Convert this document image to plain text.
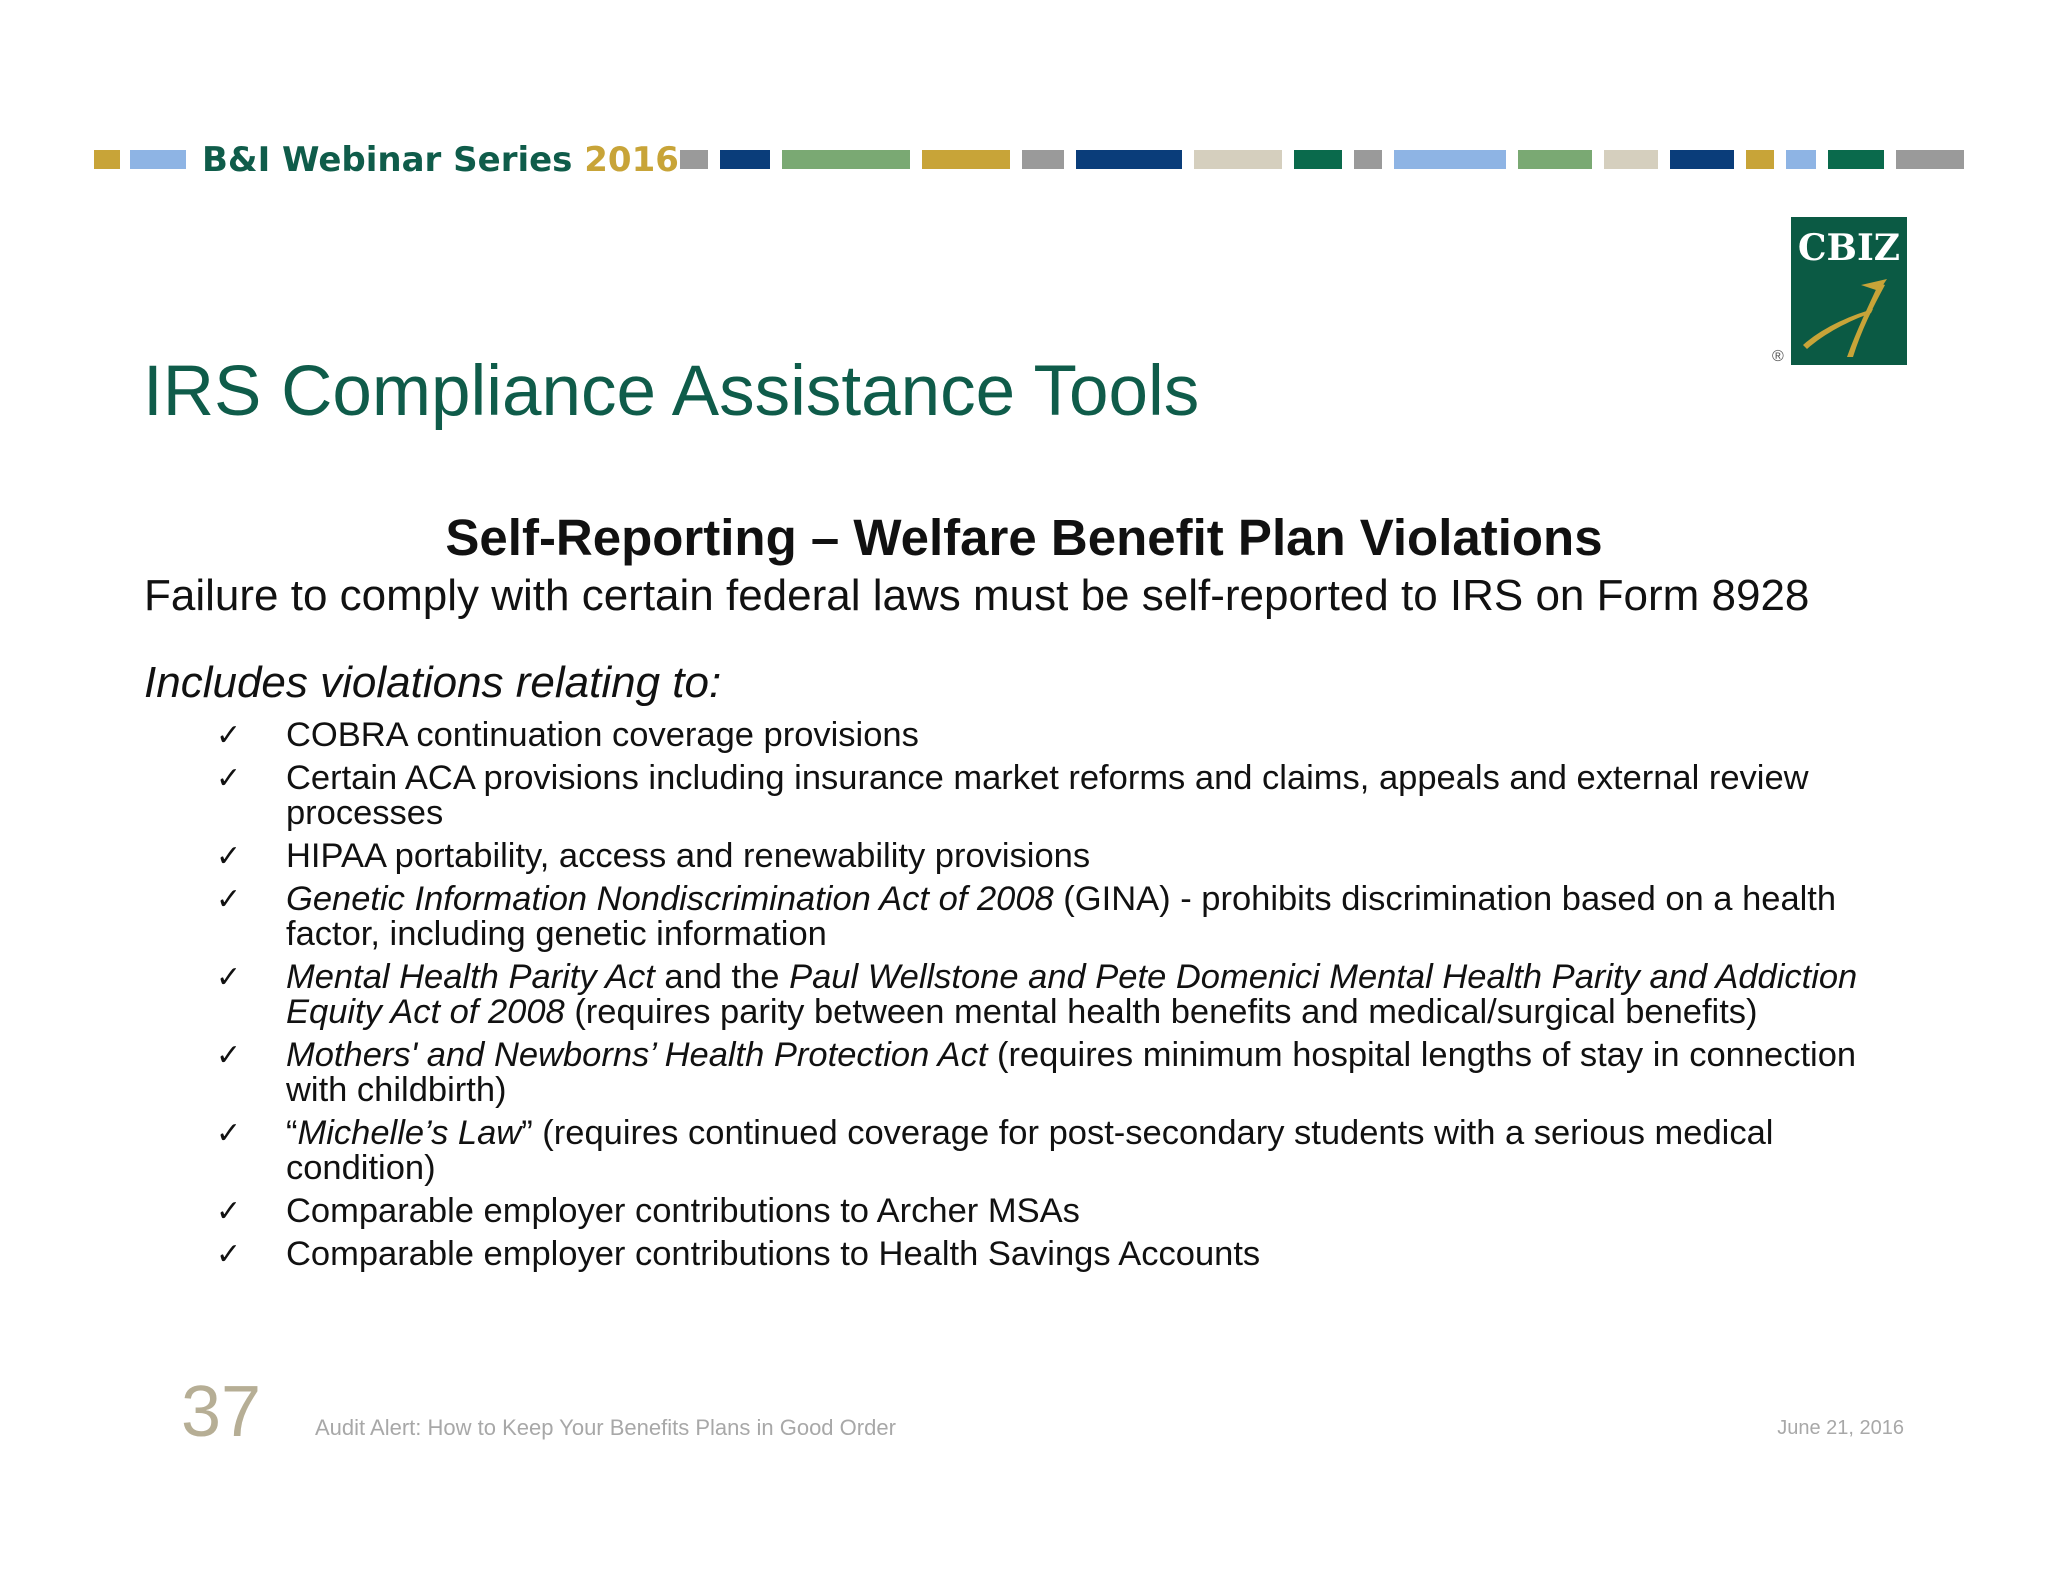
B&I Webinar Series 2016
CBIZ
®
IRS Compliance Assistance Tools
Self-Reporting – Welfare Benefit Plan Violations
Failure to comply with certain federal laws must be self-reported to IRS on Form 8928
Includes violations relating to:
✓ COBRA continuation coverage provisions
✓ Certain ACA provisions including insurance market reforms and claims, appeals and external review processes
✓ HIPAA portability, access and renewability provisions
✓ Genetic Information Nondiscrimination Act of 2008 (GINA) - prohibits discrimination based on a health factor, including genetic information
✓ Mental Health Parity Act and the Paul Wellstone and Pete Domenici Mental Health Parity and Addiction Equity Act of 2008 (requires parity between mental health benefits and medical/surgical benefits)
✓ Mothers' and Newborns’ Health Protection Act (requires minimum hospital lengths of stay in connection with childbirth)
✓ “Michelle’s Law” (requires continued coverage for post-secondary students with a serious medical condition)
✓ Comparable employer contributions to Archer MSAs
✓ Comparable employer contributions to Health Savings Accounts
37 Audit Alert: How to Keep Your Benefits Plans in Good Order	June 21, 2016
